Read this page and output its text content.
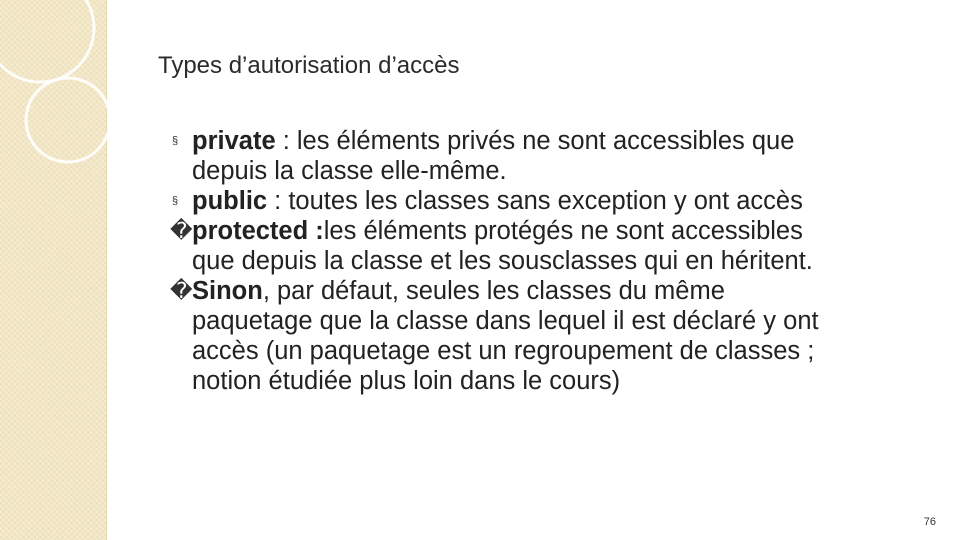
Types d’autorisation d’accès
§ private : les éléments privés ne sont accessibles que depuis la classe elle-même.
§ public : toutes les classes sans exception y ont accès
� protected :les éléments protégés ne sont accessibles que depuis la classe et les sousclasses qui en héritent.
� Sinon, par défaut, seules les classes du même paquetage que la classe dans lequel il est déclaré y ont accès (un paquetage est un regroupement de classes ; notion étudiée plus loin dans le cours)
76
